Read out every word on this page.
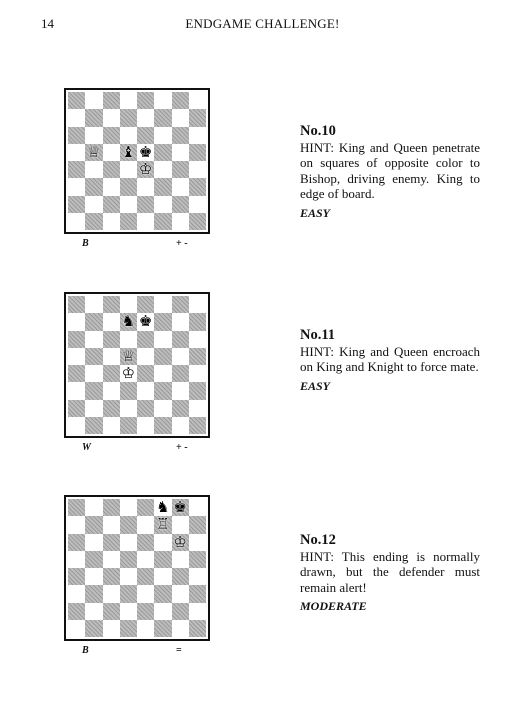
14	ENDGAME CHALLENGE!
♕ ♝ ♚
♔
B	+ -
No.10
HINT: King and Queen penetrate on squares of opposite color to Bishop, driving enemy. King to edge of board.
EASY
♞ ♚
♕
♔
W	+ -
No.11
HINT: King and Queen encroach on King and Knight to force mate.
EASY
♞ ♚
♖
♔
B	=
No.12
HINT: This ending is normally drawn, but the defender must remain alert!
MODERATE
